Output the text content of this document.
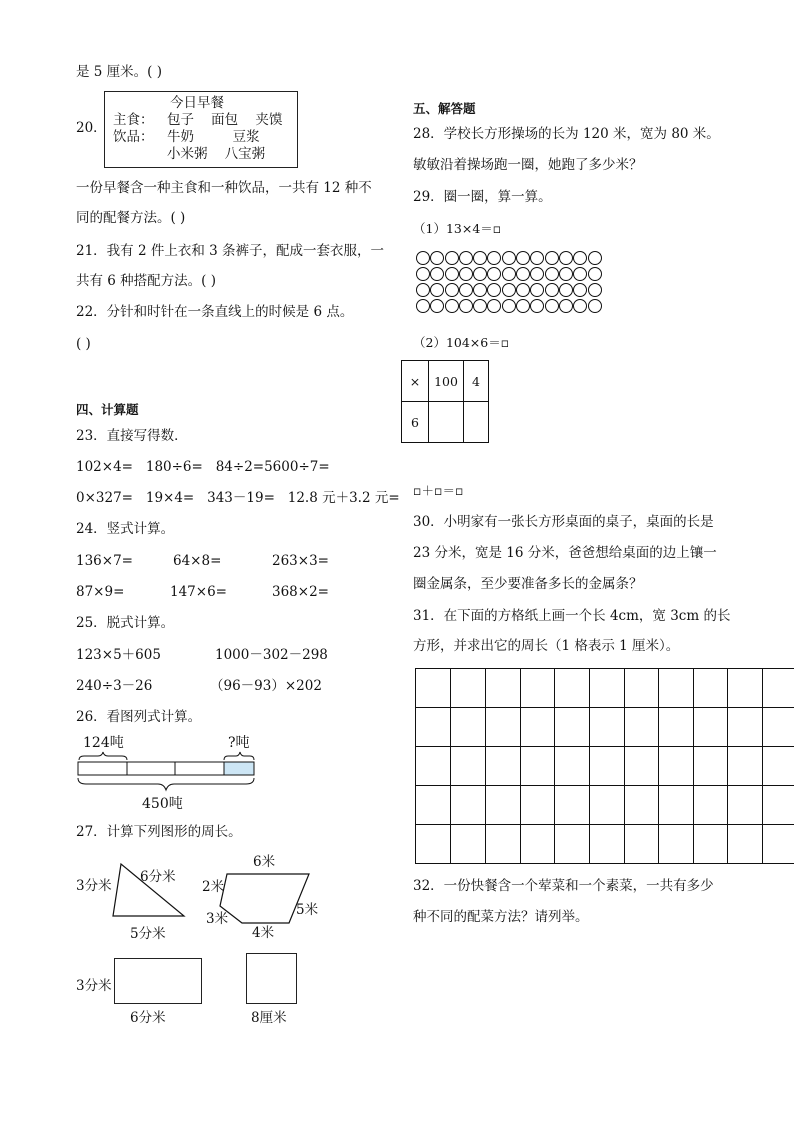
是 5 厘米。( )
20．
今日早餐
主食： 包子    面包    夹馍
饮品： 牛奶         豆浆
小米粥    八宝粥
一份早餐含一种主食和一种饮品，一共有 12 种不
同的配餐方法。( )
21．我有 2 件上衣和 3 条裤子，配成一套衣服，一
共有 6 种搭配方法。( )
22．分针和时针在一条直线上的时候是 6 点。
( )
四、计算题
23．直接写得数．
102×4=   180÷6=   84÷2=5600÷7=
0×327=   19×4=   343－19=   12.8 元＋3.2 元=
24．竖式计算。
136×7=	64×8=	263×3=
87×9=	147×6=	368×2=
25．脱式计算。
123×5＋605	1000－302－298
240÷3－26	（96－93）×202
26．看图列式计算。
124吨	?吨
450吨
27．计算下列图形的周长。
3分米
6分米
5分米
6米
2米
5米
3米
4米
3分米
6分米	8厘米
五、解答题
28．学校长方形操场的长为 120 米，宽为 80 米。
敏敏沿着操场跑一圈，她跑了多少米？
29．圈一圈，算一算。
（1）13×4＝▫
（2）104×6＝▫
×	100	4
6		
▫＋▫＝▫
30．小明家有一张长方形桌面的桌子，桌面的长是
23 分米，宽是 16 分米，爸爸想给桌面的边上镶一
圈金属条，至少要准备多长的金属条？
31．在下面的方格纸上画一个长 4cm，宽 3cm 的长
方形，并求出它的周长（1 格表示 1 厘米）。
32．一份快餐含一个荤菜和一个素菜，一共有多少
种不同的配菜方法？请列举。
